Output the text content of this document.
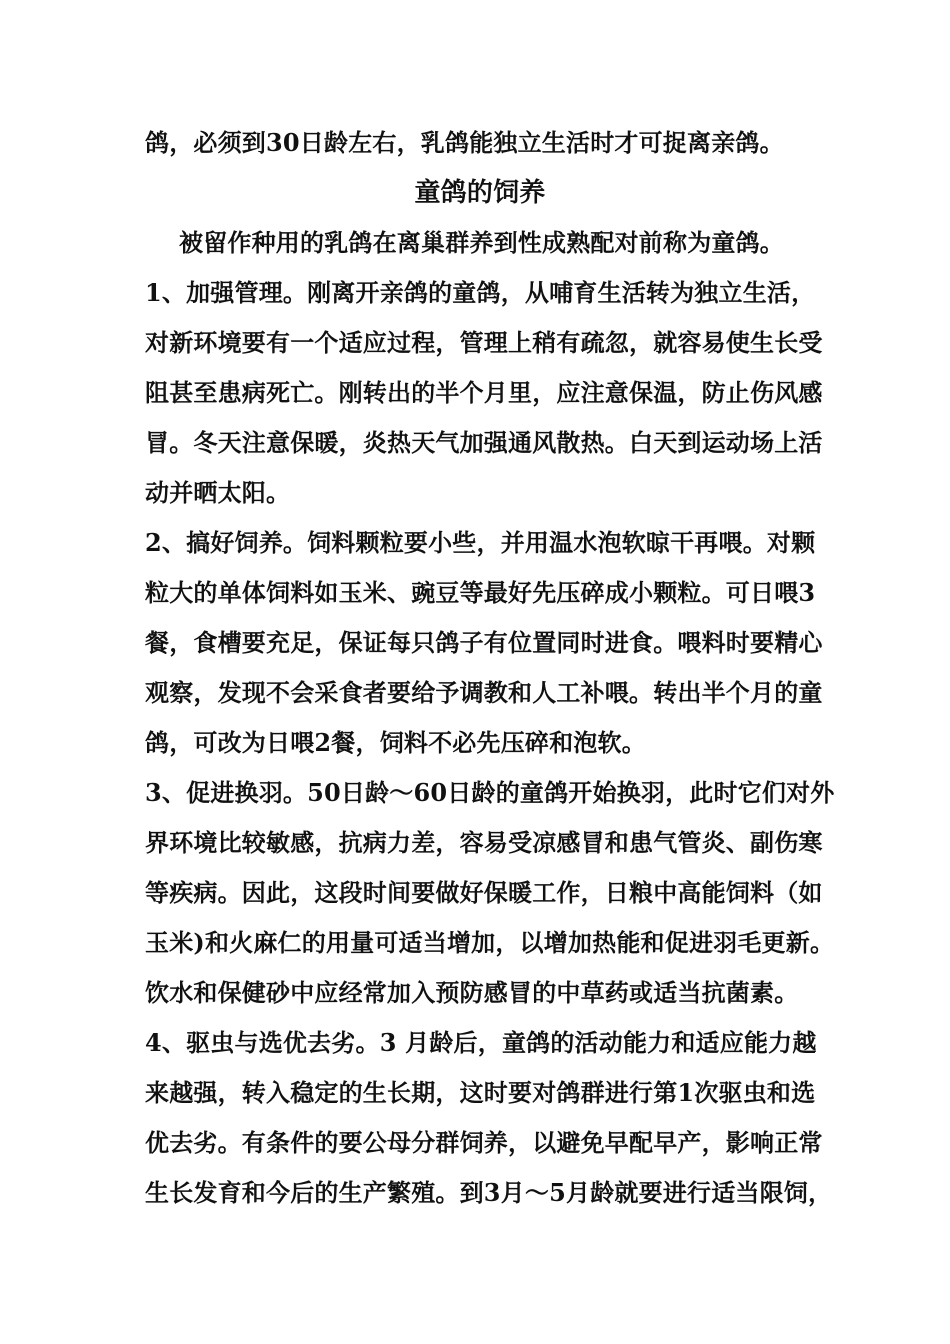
鸽，必须到30日龄左右，乳鸽能独立生活时才可捉离亲鸽。
童鸽的饲养
被留作种用的乳鸽在离巢群养到性成熟配对前称为童鸽。
1、加强管理。刚离开亲鸽的童鸽，从哺育生活转为独立生活，
对新环境要有一个适应过程，管理上稍有疏忽，就容易使生长受
阻甚至患病死亡。刚转出的半个月里，应注意保温，防止伤风感
冒。冬天注意保暖，炎热天气加强通风散热。白天到运动场上活
动并晒太阳。
2、搞好饲养。饲料颗粒要小些，并用温水泡软晾干再喂。对颗
粒大的单体饲料如玉米、豌豆等最好先压碎成小颗粒。可日喂3
餐，食槽要充足，保证每只鸽子有位置同时进食。喂料时要精心
观察，发现不会采食者要给予调教和人工补喂。转出半个月的童
鸽，可改为日喂2餐，饲料不必先压碎和泡软。
3、促进换羽。50日龄～60日龄的童鸽开始换羽，此时它们对外
界环境比较敏感，抗病力差，容易受凉感冒和患气管炎、副伤寒
等疾病。因此，这段时间要做好保暖工作，日粮中高能饲料（如
玉米)和火麻仁的用量可适当增加，以增加热能和促进羽毛更新。
饮水和保健砂中应经常加入预防感冒的中草药或适当抗菌素。
4、驱虫与选优去劣。3 月龄后，童鸽的活动能力和适应能力越
来越强，转入稳定的生长期，这时要对鸽群进行第1次驱虫和选
优去劣。有条件的要公母分群饲养，以避免早配早产，影响正常
生长发育和今后的生产繁殖。到3月～5月龄就要进行适当限饲，
